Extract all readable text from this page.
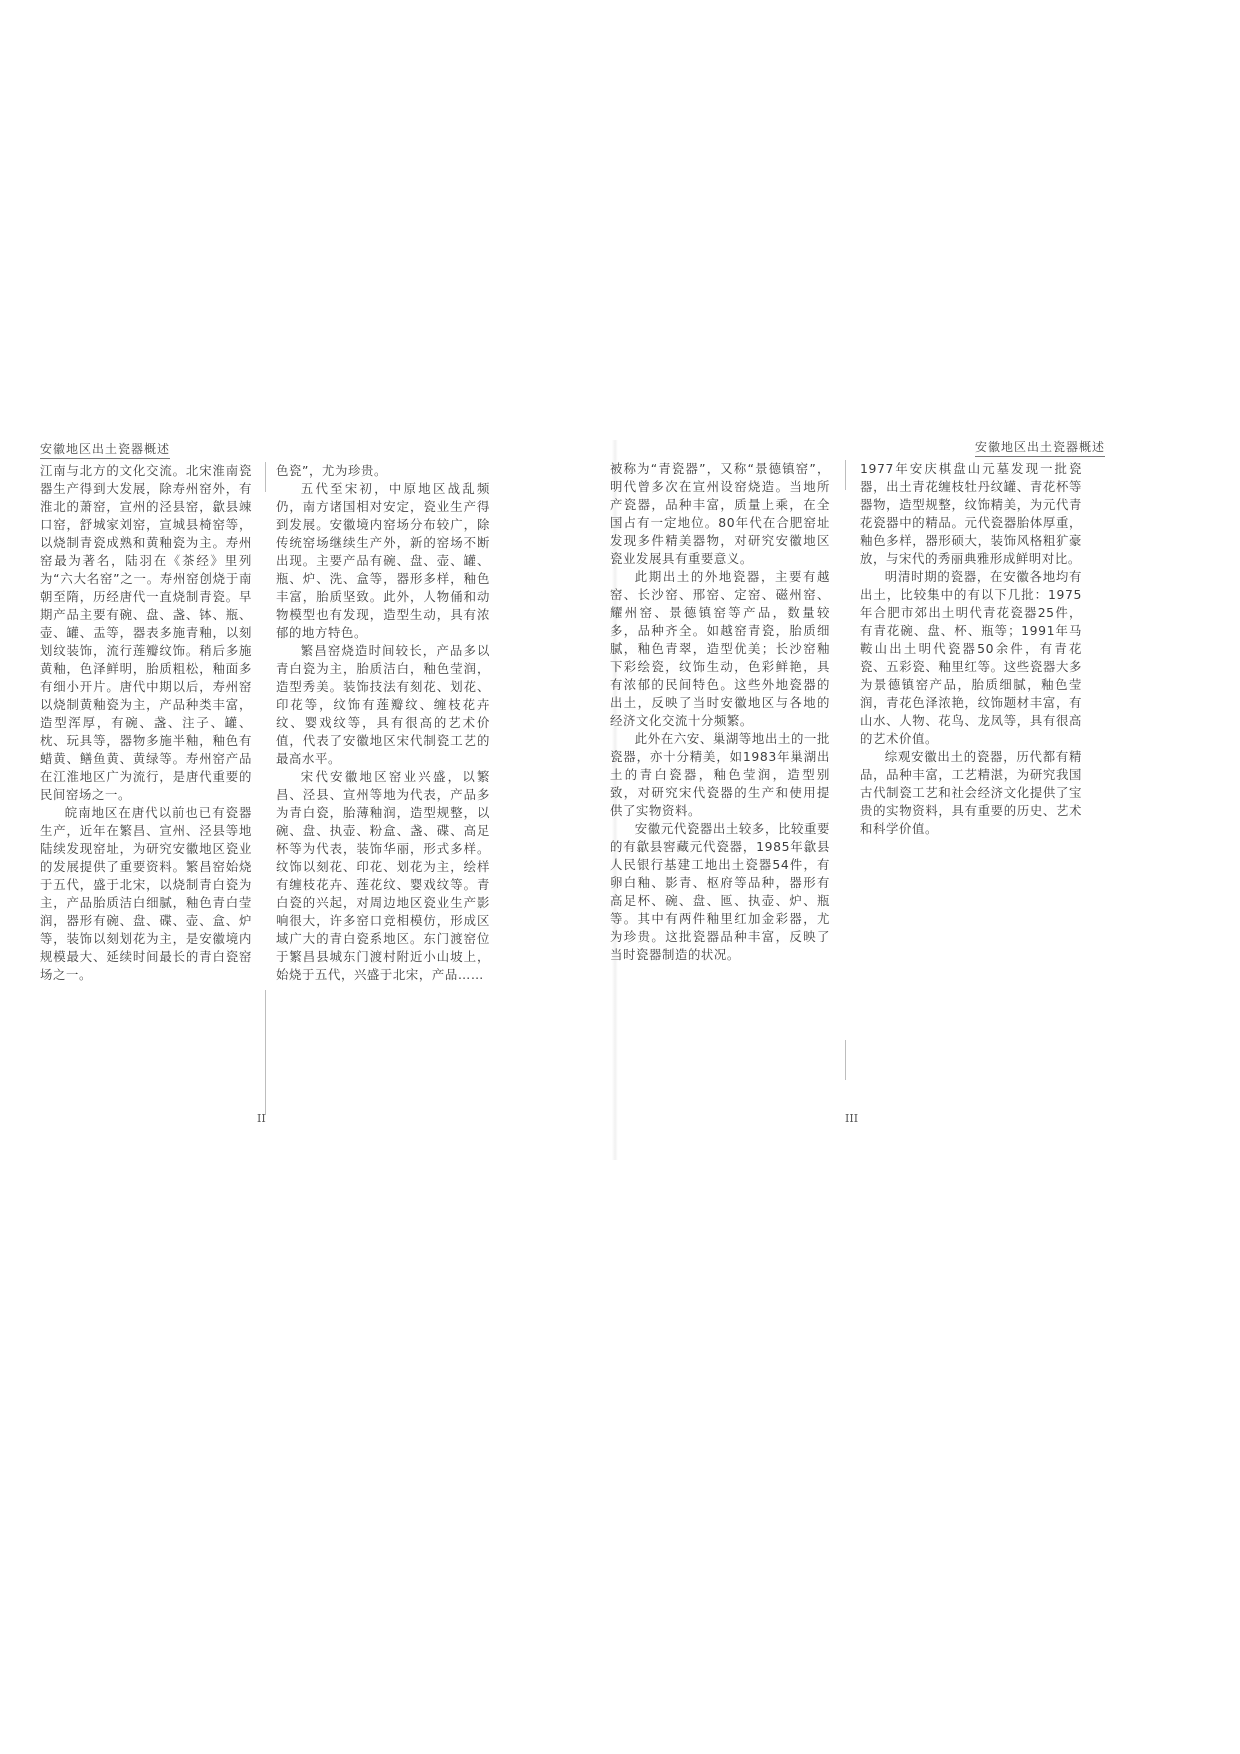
安徽地区出土瓷器概述

江南与北方的文化交流。北宋淮南瓷器生产得到大发展，除寿州窑外，有淮北的萧窑，宣州的泾县窑，歙县竦口窑，舒城家刘窑，宣城县椅窑等，以烧制青瓷成熟和黄釉瓷为主。寿州窑最为著名，陆羽在《茶经》里列为“六大名窑”之一。寿州窑创烧于南朝至隋，历经唐代一直烧制青瓷。早期产品主要有碗、盘、盏、钵、瓶、壶、罐、盂等，器表多施青釉，以刻划纹装饰，流行莲瓣纹饰。稍后多施黄釉，色泽鲜明，胎质粗松，釉面多有细小开片。唐代中期以后，寿州窑以烧制黄釉瓷为主，产品种类丰富，造型浑厚，有碗、盏、注子、罐、枕、玩具等，器物多施半釉，釉色有蜡黄、鳝鱼黄、黄绿等。寿州窑产品在江淮地区广为流行，是唐代重要的民间窑场之一。

皖南地区在唐代以前也已有瓷器生产，近年在繁昌、宣州、泾县等地陆续发现窑址，为研究安徽地区瓷业的发展提供了重要资料。繁昌窑始烧于五代，盛于北宋，以烧制青白瓷为主，产品胎质洁白细腻，釉色青白莹润，器形有碗、盘、碟、壶、盒、炉等，装饰以刻划花为主，是安徽境内规模最大、延续时间最长的青白瓷窑场之一。

色瓷”，尤为珍贵。

五代至宋初，中原地区战乱频仍，南方诸国相对安定，瓷业生产得到发展。安徽境内窑场分布较广，除传统窑场继续生产外，新的窑场不断出现。主要产品有碗、盘、壶、罐、瓶、炉、洗、盒等，器形多样，釉色丰富，胎质坚致。此外，人物俑和动物模型也有发现，造型生动，具有浓郁的地方特色。

繁昌窑烧造时间较长，产品多以青白瓷为主，胎质洁白，釉色莹润，造型秀美。装饰技法有刻花、划花、印花等，纹饰有莲瓣纹、缠枝花卉纹、婴戏纹等，具有很高的艺术价值，代表了安徽地区宋代制瓷工艺的最高水平。

宋代安徽地区窑业兴盛，以繁昌、泾县、宣州等地为代表，产品多为青白瓷，胎薄釉润，造型规整，以碗、盘、执壶、粉盒、盏、碟、高足杯等为代表，装饰华丽，形式多样。纹饰以刻花、印花、划花为主，绘样有缠枝花卉、莲花纹、婴戏纹等。青白瓷的兴起，对周边地区瓷业生产影响很大，许多窑口竞相模仿，形成区域广大的青白瓷系地区。东门渡窑位于繁昌县城东门渡村附近小山坡上，始烧于五代，兴盛于北宋，产品……

II
安徽地区出土瓷器概述

被称为“青瓷器”，又称“景德镇窑”，明代曾多次在宣州设窑烧造。当地所产瓷器，品种丰富，质量上乘，在全国占有一定地位。80年代在合肥窑址发现多件精美器物，对研究安徽地区瓷业发展具有重要意义。

此期出土的外地瓷器，主要有越窑、长沙窑、邢窑、定窑、磁州窑、耀州窑、景德镇窑等产品，数量较多，品种齐全。如越窑青瓷，胎质细腻，釉色青翠，造型优美；长沙窑釉下彩绘瓷，纹饰生动，色彩鲜艳，具有浓郁的民间特色。这些外地瓷器的出土，反映了当时安徽地区与各地的经济文化交流十分频繁。

此外在六安、巢湖等地出土的一批瓷器，亦十分精美，如1983年巢湖出土的青白瓷器，釉色莹润，造型别致，对研究宋代瓷器的生产和使用提供了实物资料。

安徽元代瓷器出土较多，比较重要的有歙县窖藏元代瓷器，1985年歙县人民银行基建工地出土瓷器54件，有卵白釉、影青、枢府等品种，器形有高足杯、碗、盘、匜、执壶、炉、瓶等。其中有两件釉里红加金彩器，尤为珍贵。这批瓷器品种丰富，反映了当时瓷器制造的状况。

1977年安庆棋盘山元墓发现一批瓷器，出土青花缠枝牡丹纹罐、青花杯等器物，造型规整，纹饰精美，为元代青花瓷器中的精品。元代瓷器胎体厚重，釉色多样，器形硕大，装饰风格粗犷豪放，与宋代的秀丽典雅形成鲜明对比。

明清时期的瓷器，在安徽各地均有出土，比较集中的有以下几批：1975年合肥市郊出土明代青花瓷器25件，有青花碗、盘、杯、瓶等；1991年马鞍山出土明代瓷器50余件，有青花瓷、五彩瓷、釉里红等。这些瓷器大多为景德镇窑产品，胎质细腻，釉色莹润，青花色泽浓艳，纹饰题材丰富，有山水、人物、花鸟、龙凤等，具有很高的艺术价值。

综观安徽出土的瓷器，历代都有精品，品种丰富，工艺精湛，为研究我国古代制瓷工艺和社会经济文化提供了宝贵的实物资料，具有重要的历史、艺术和科学价值。

III
